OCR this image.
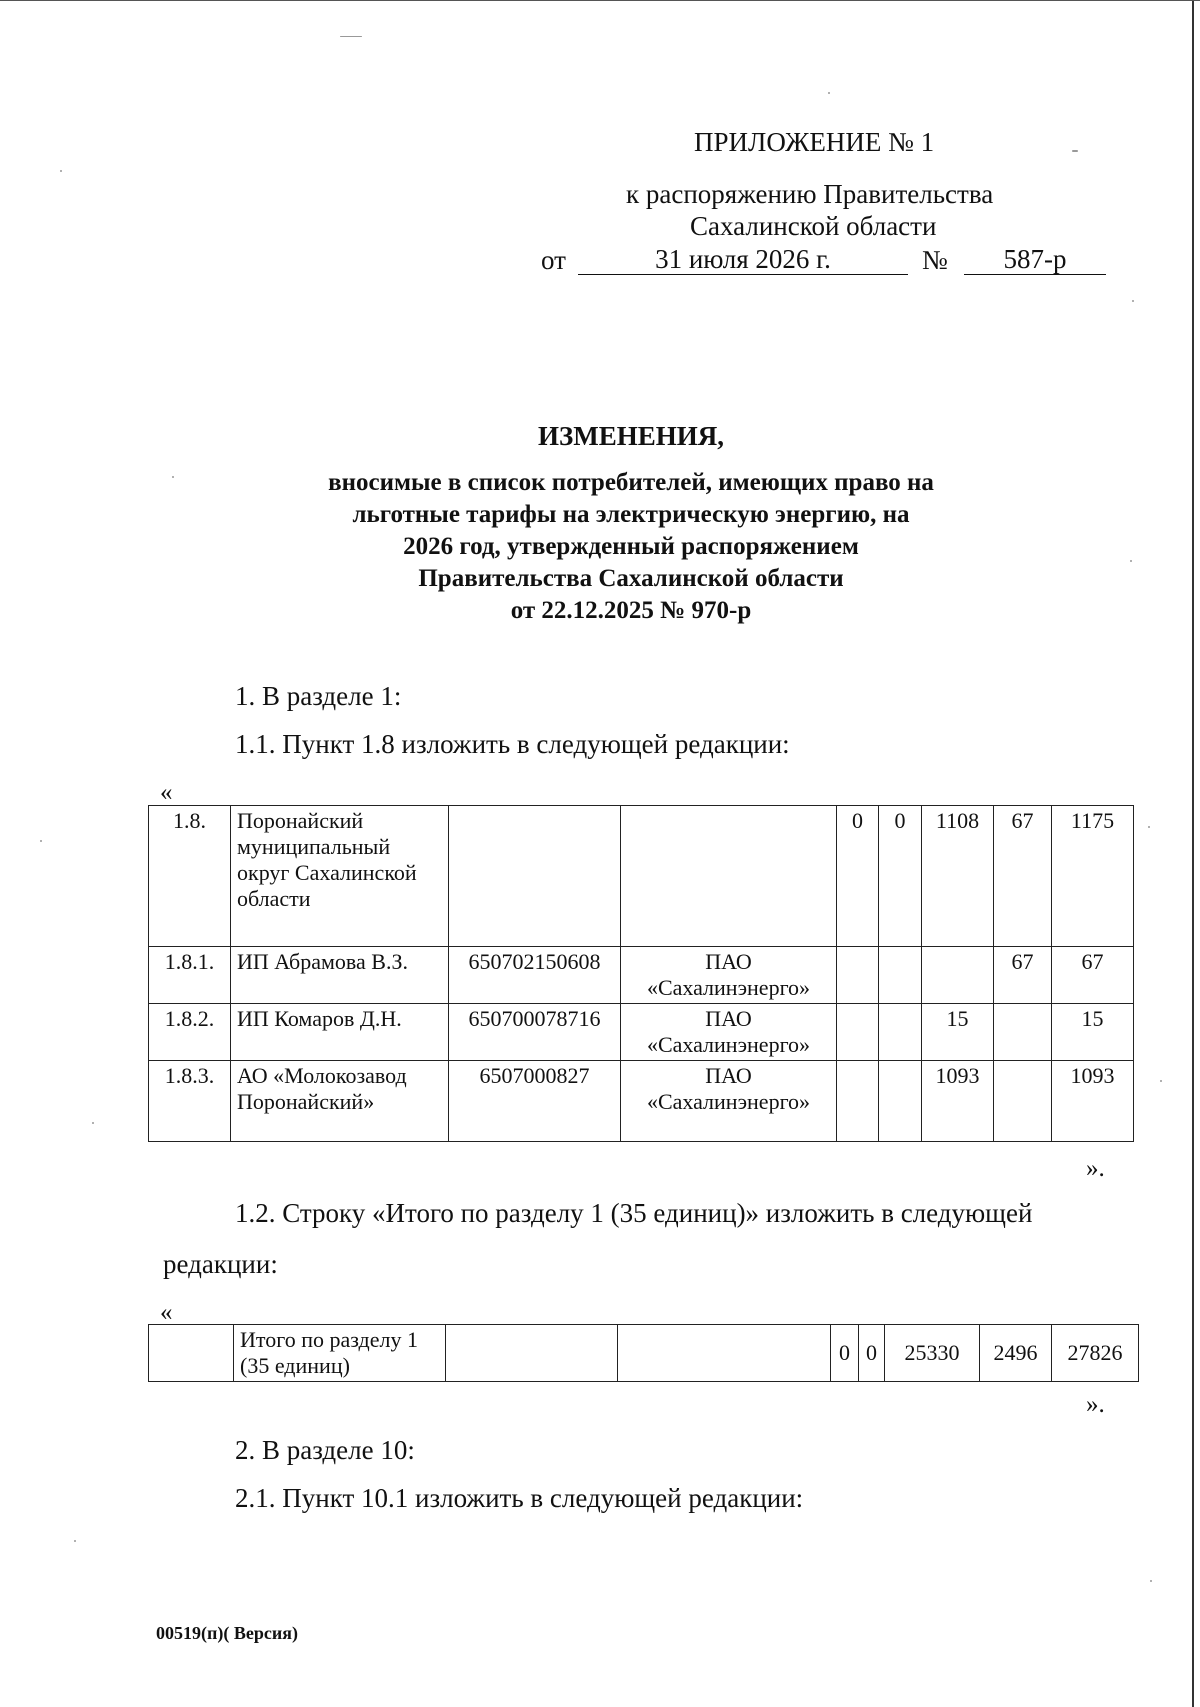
ПРИЛОЖЕНИЕ № 1
к распоряжению Правительства
Сахалинской области
от	31 июля 2026 г.	№	587-р
ИЗМЕНЕНИЯ,
вносимые в список потребителей, имеющих право на
льготные тарифы на электрическую энергию, на
2026 год, утвержденный распоряжением
Правительства Сахалинской области
от 22.12.2025 № 970-р
1. В разделе 1:
1.1. Пункт 1.8 изложить в следующей редакции:
«
1.8.	Поронайский муниципальный округ Сахалинской области			0	0	1108	67	1175
1.8.1.	ИП Абрамова В.З.	650702150608	ПАО «Сахалинэнерго»				67	67
1.8.2.	ИП Комаров Д.Н.	650700078716	ПАО «Сахалинэнерго»			15		15
1.8.3.	АО «Молокозавод Поронайский»	6507000827	ПАО «Сахалинэнерго»			1093		1093
».
1.2. Строку «Итого по разделу 1 (35 единиц)» изложить в следующей
редакции:
«
	Итого по разделу 1 (35 единиц)			0	0	25330	2496	27826
».
2. В разделе 10:
2.1. Пункт 10.1 изложить в следующей редакции:
00519(п)( Версия)
